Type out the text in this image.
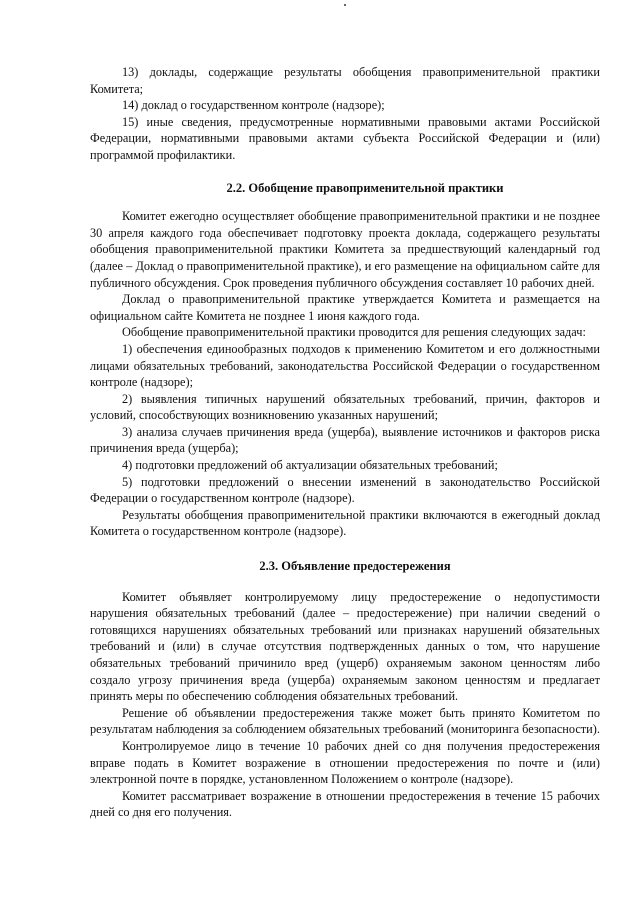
13) доклады, содержащие результаты обобщения правоприменительной практики Комитета;

14) доклад о государственном контроле (надзоре);

15) иные сведения, предусмотренные нормативными правовыми актами Российской Федерации, нормативными правовыми актами субъекта Российской Федерации и (или) программой профилактики.

2.2. Обобщение правоприменительной практики

Комитет ежегодно осуществляет обобщение правоприменительной практики и не позднее 30 апреля каждого года обеспечивает подготовку проекта доклада, содержащего результаты обобщения правоприменительной практики Комитета за предшествующий календарный год (далее – Доклад о правоприменительной практике), и его размещение на официальном сайте для публичного обсуждения. Срок проведения публичного обсуждения составляет 10 рабочих дней.

Доклад о правоприменительной практике утверждается Комитета и размещается на официальном сайте Комитета не позднее 1 июня каждого года.

Обобщение правоприменительной практики проводится для решения следующих задач:

1) обеспечения единообразных подходов к применению Комитетом и его должностными лицами обязательных требований, законодательства Российской Федерации о государственном контроле (надзоре);

2) выявления типичных нарушений обязательных требований, причин, факторов и условий, способствующих возникновению указанных нарушений;

3) анализа случаев причинения вреда (ущерба), выявление источников и факторов риска причинения вреда (ущерба);

4) подготовки предложений об актуализации обязательных требований;

5) подготовки предложений о внесении изменений в законодательство Российской Федерации о государственном контроле (надзоре).

Результаты обобщения правоприменительной практики включаются в ежегодный доклад Комитета о государственном контроле (надзоре).

2.3. Объявление предостережения

Комитет объявляет контролируемому лицу предостережение о недопустимости нарушения обязательных требований (далее – предостережение) при наличии сведений о готовящихся нарушениях обязательных требований или признаках нарушений обязательных требований и (или) в случае отсутствия подтвержденных данных о том, что нарушение обязательных требований причинило вред (ущерб) охраняемым законом ценностям либо создало угрозу причинения вреда (ущерба) охраняемым законом ценностям и предлагает принять меры по обеспечению соблюдения обязательных требований.

Решение об объявлении предостережения также может быть принято Комитетом по результатам наблюдения за соблюдением обязательных требований (мониторинга безопасности).

Контролируемое лицо в течение 10 рабочих дней со дня получения предостережения вправе подать в Комитет возражение в отношении предостережения по почте и (или) электронной почте в порядке, установленном Положением о контроле (надзоре).

Комитет рассматривает возражение в отношении предостережения в течение 15 рабочих дней со дня его получения.
